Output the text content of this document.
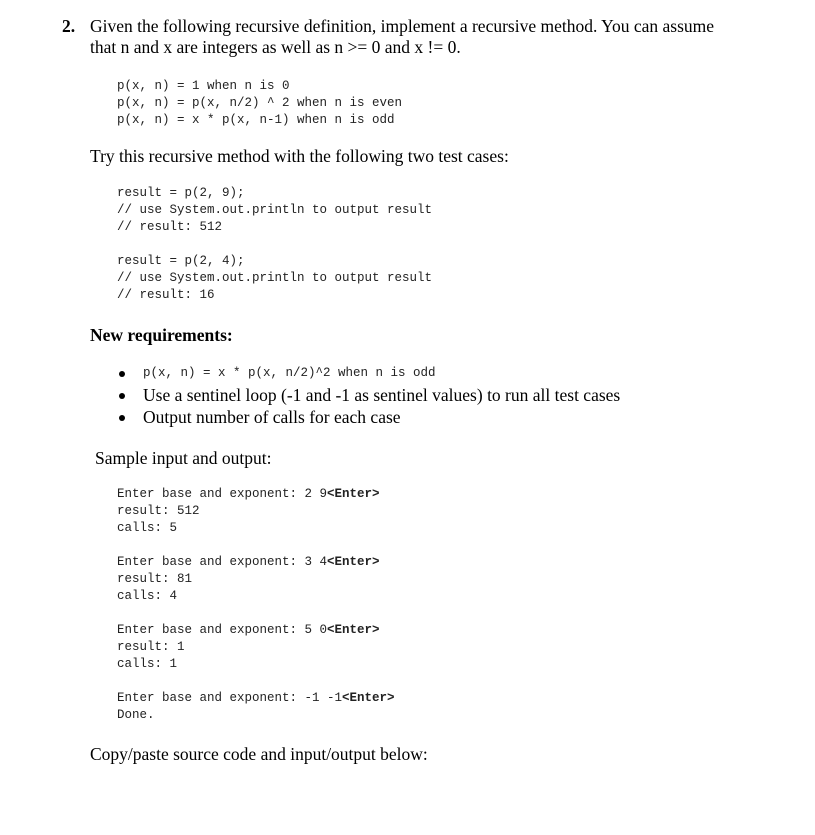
2. Given the following recursive definition, implement a recursive method. You can assume
that n and x are integers as well as n >= 0 and x != 0.
p(x, n) = 1 when n is 0
p(x, n) = p(x, n/2) ^ 2 when n is even
p(x, n) = x * p(x, n-1) when n is odd
Try this recursive method with the following two test cases:
result = p(2, 9);
// use System.out.println to output result
// result: 512
result = p(2, 4);
// use System.out.println to output result
// result: 16
New requirements:
p(x, n) = x * p(x, n/2)^2 when n is odd
Use a sentinel loop (-1 and -1 as sentinel values) to run all test cases
Output number of calls for each case
Sample input and output:
Enter base and exponent: 2 9<Enter>
result: 512
calls: 5
Enter base and exponent: 3 4<Enter>
result: 81
calls: 4
Enter base and exponent: 5 0<Enter>
result: 1
calls: 1
Enter base and exponent: -1 -1<Enter>
Done.
Copy/paste source code and input/output below:
